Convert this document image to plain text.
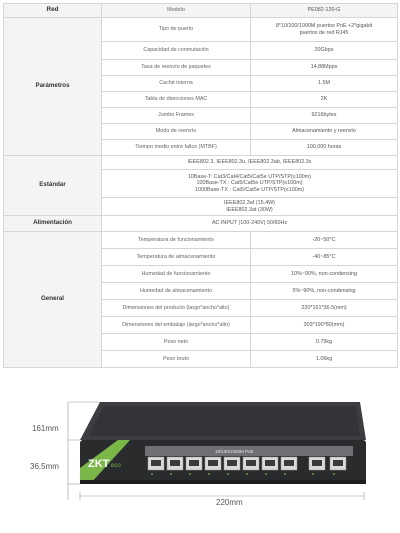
Red	Modelo	PE082-120-G
Parámetros	Tipo de puerto	8*10/100/1000M puertos PoE +2*gigabit
puertos de red RJ45

	Capacidad de conmutación	20Gbps
	Tasa de reenvío de paquetes	14.88Mpps
	Caché interna	1.5M
	Tabla de direcciones MAC	2K
	Jumbo Frames	9216bytes
	Modo de reenvío	Almacenamiento y reenvío
	Tiempo medio entre fallos (MTBF)	100,000 horas
Estándar	IEEE802.3, IEEE802.3u, IEEE802.3ab, IEEE802.3x	

	10Base-T: Cat3/Cat4/Cat5/Cat5e UTP/STP(≤100m)
100Base-TX : Cat5/Cat5e UTP/STP(≤100m)
1000Base-TX : Cat5/Cat5e UTP/STP(≤100m)	

	IEEE802.3af (15.4W)
IEEE802.3at (30W)	

Alimentación	AC INPUT (100-240V) 50/60Hz	
General	Temperatura de funcionamiento	-20~50°C
	Temperatura de almacenamiento	-40~85°C
	Humedad de funcionamiento	10%~90%, non-condensing
	Humedad de almacenamiento	5%~90%, non-condensing
	Dimensiones del producto (largo*ancho*alto)	220*161*36.5(mm)
	Dimensiones del embalaje (largo*ancho*alto)	303*190*80(mm)
	Peso neto	0.79kg
	Peso bruto	1.06kg
161mm
36.5mm
220mm
10/100/1000M PoE
ZKT eco
